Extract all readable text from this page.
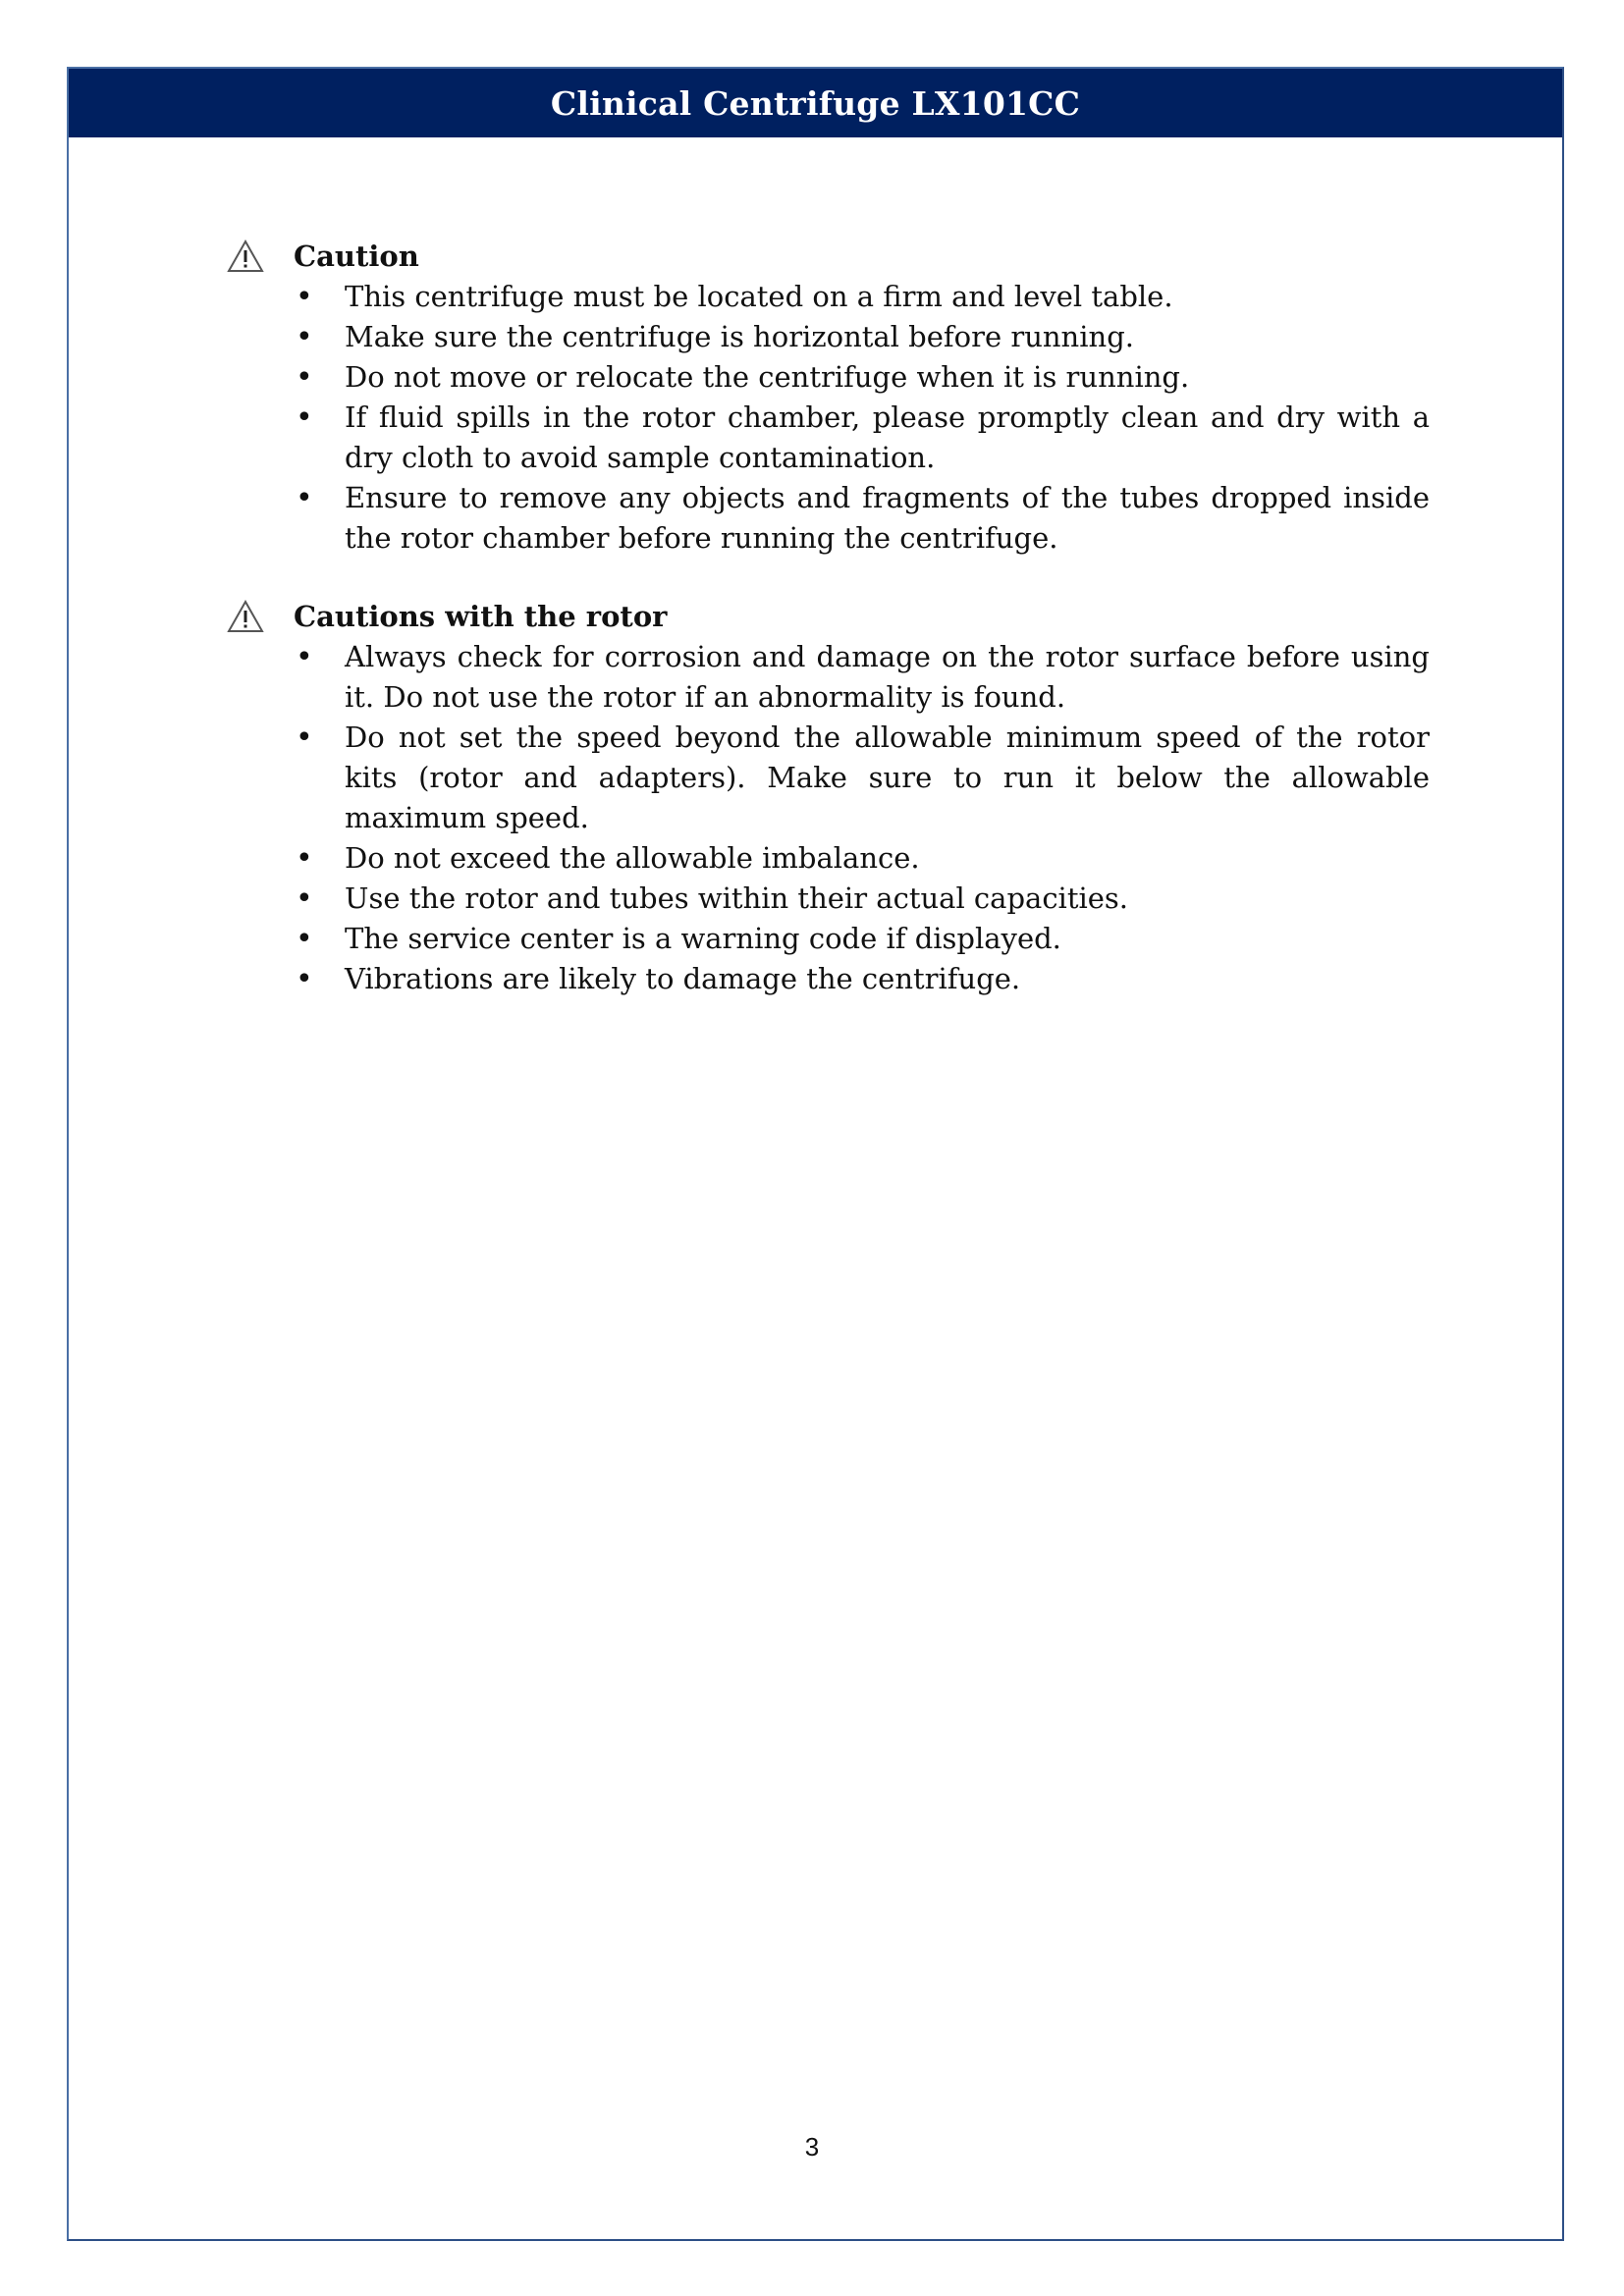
Clinical Centrifuge LX101CC
Caution
• This centrifuge must be located on a firm and level table.
• Make sure the centrifuge is horizontal before running.
• Do not move or relocate the centrifuge when it is running.
• If fluid spills in the rotor chamber, please promptly clean and dry with a dry cloth to avoid sample contamination.
• Ensure to remove any objects and fragments of the tubes dropped inside the rotor chamber before running the centrifuge.
Cautions with the rotor
• Always check for corrosion and damage on the rotor surface before using it. Do not use the rotor if an abnormality is found.
• Do not set the speed beyond the allowable minimum speed of the rotor kits (rotor and adapters). Make sure to run it below the allowable maximum speed.
• Do not exceed the allowable imbalance.
• Use the rotor and tubes within their actual capacities.
• The service center is a warning code if displayed.
• Vibrations are likely to damage the centrifuge.
3
